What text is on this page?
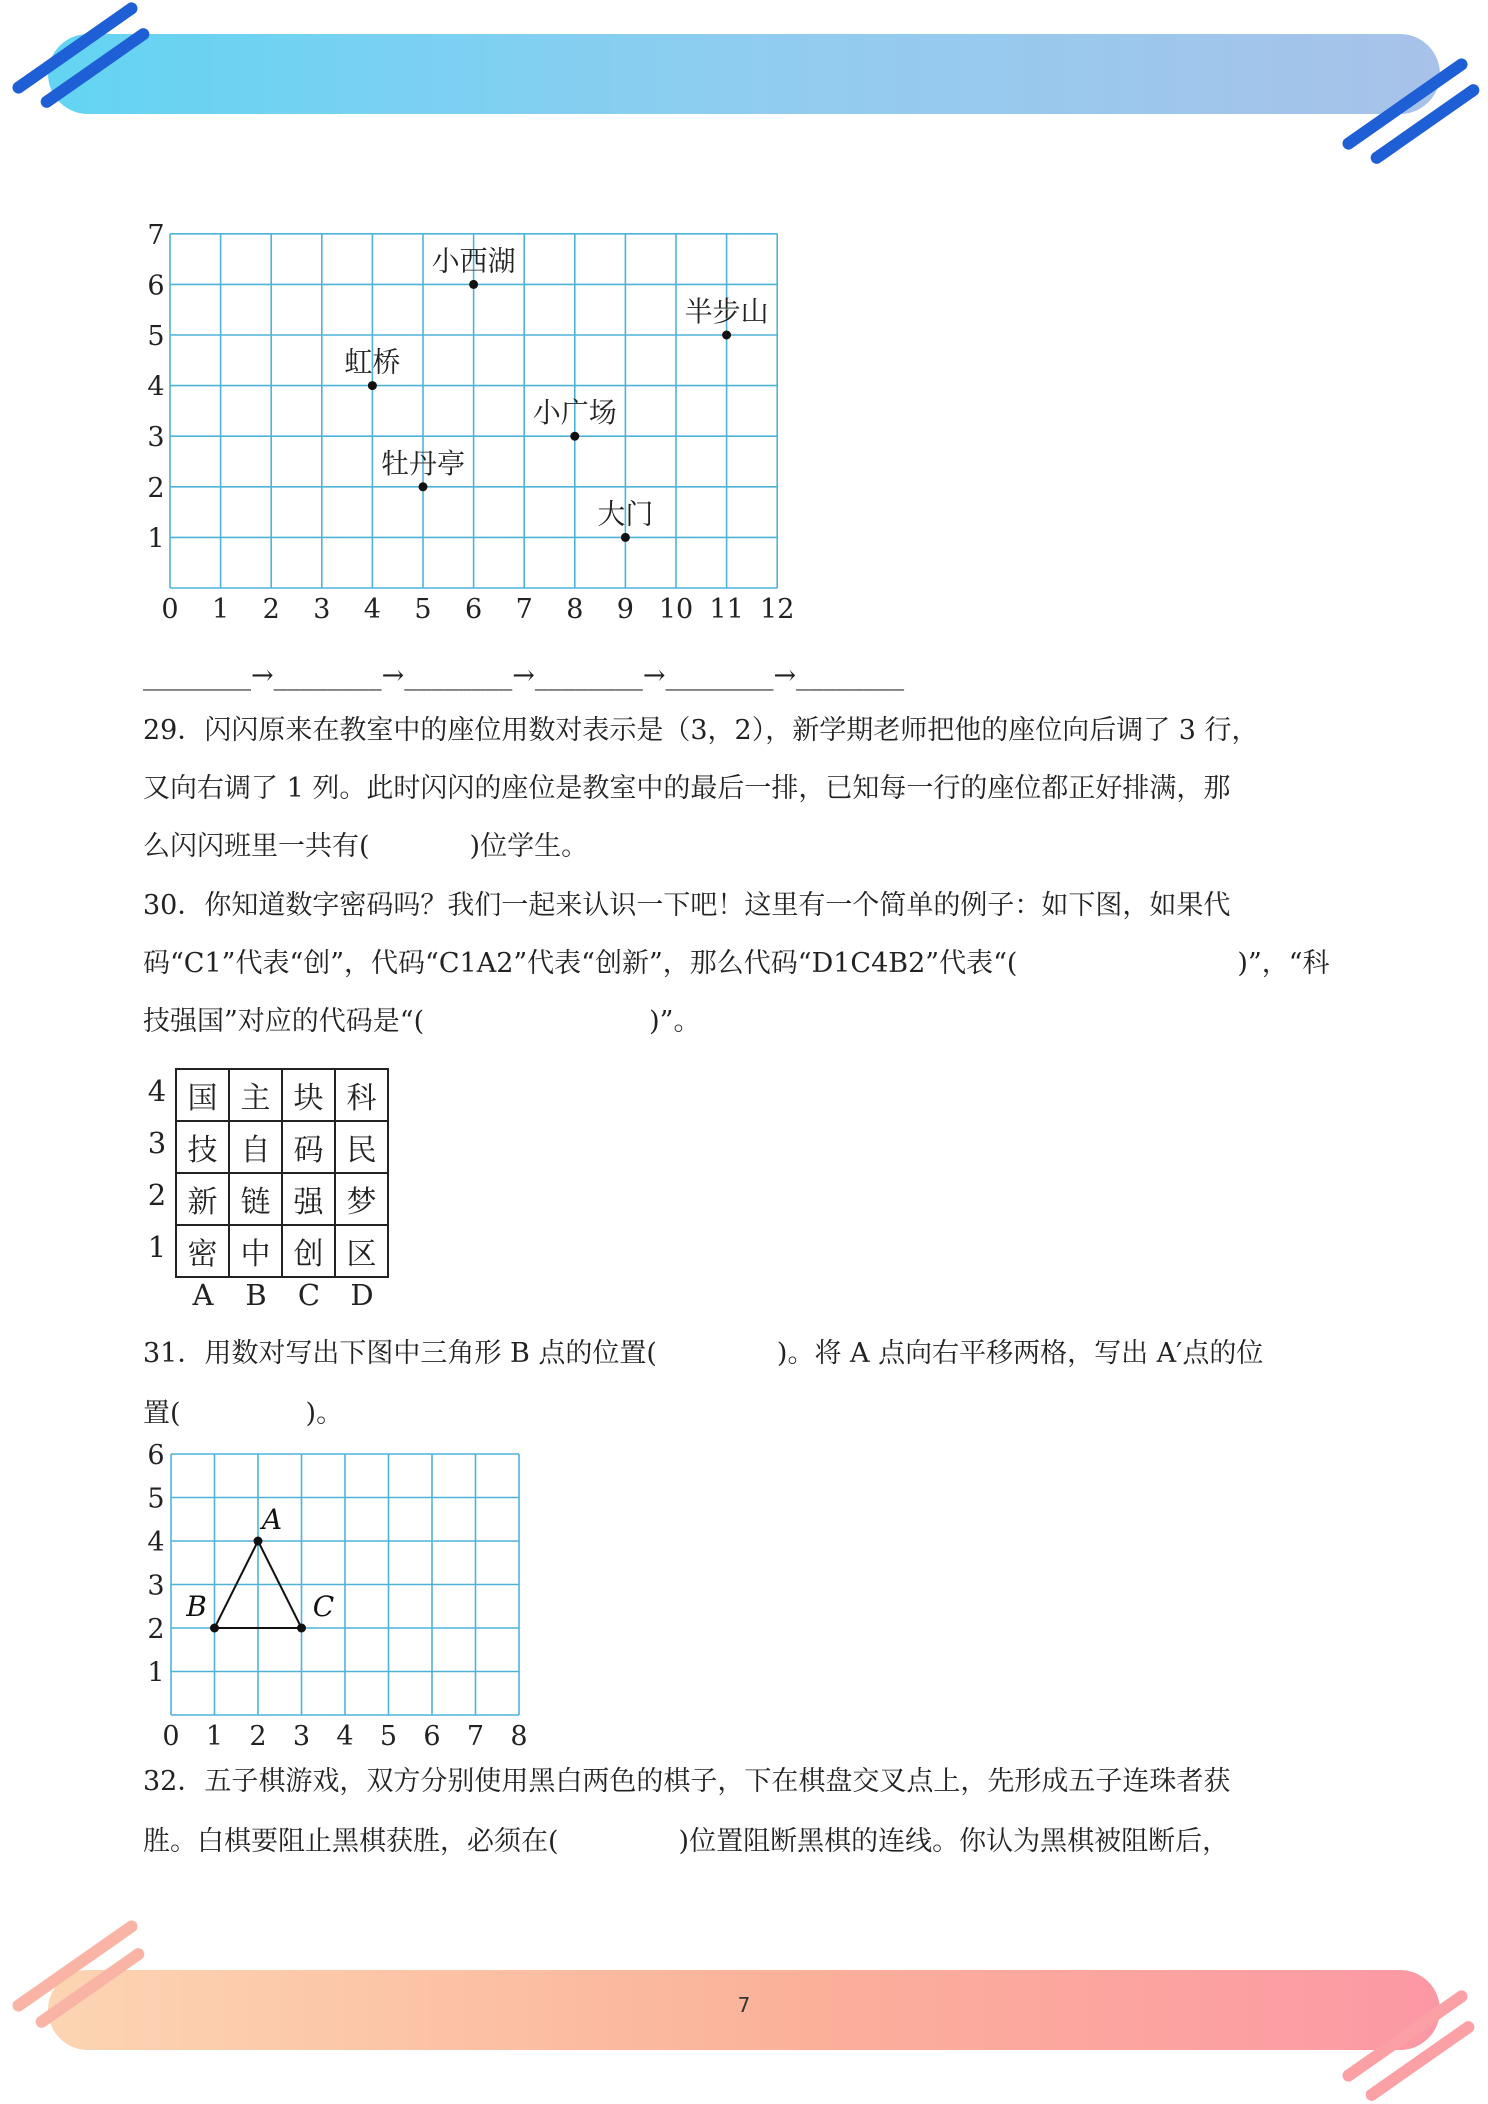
7
0 1 2 3 4 5 6 7 8 9 10 11 12
1
2
3
4
5
6
7
小西湖
半步山
虹桥
小广场
牡丹亭
大门
________→________→________→________→________→________
29．闪闪原来在教室中的座位用数对表示是（3，2），新学期老师把他的座位向后调了 3 行，
又向右调了 1 列。此时闪闪的座位是教室中的最后一排，已知每一行的座位都正好排满，那
么闪闪班里一共有(	)位学生。
30．你知道数字密码吗？我们一起来认识一下吧！这里有一个简单的例子：如下图，如果代
码“C1”代表“创”，代码“C1A2”代表“创新”，那么代码“D1C4B2”代表“(	)”，“科
技强国”对应的代码是“(	)”。
4
3
2
1
国	主	块	科
技	自	码	民
新	链	强	梦
密	中	创	区
A B C D
31．用数对写出下图中三角形 B 点的位置(	)。将 A 点向右平移两格，写出 A′点的位
置(	)。
0 1 2 3 4 5 6 7 8
1
2
3
4
5
6
A
B	C
32．五子棋游戏，双方分别使用黑白两色的棋子，下在棋盘交叉点上，先形成五子连珠者获
胜。白棋要阻止黑棋获胜，必须在(	)位置阻断黑棋的连线。你认为黑棋被阻断后，
